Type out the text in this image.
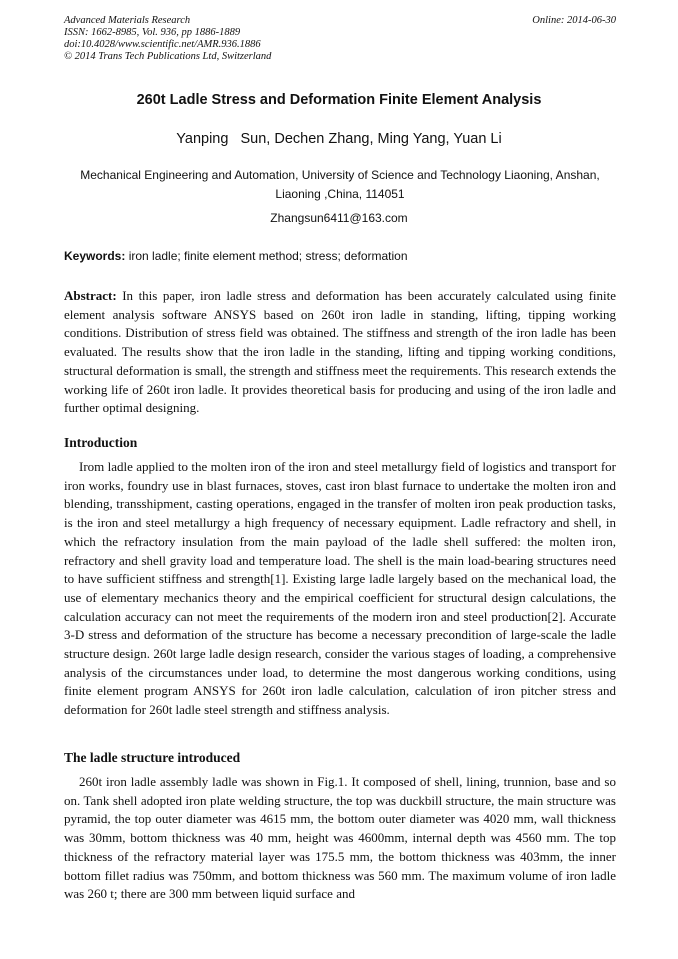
Advanced Materials Research
ISSN: 1662-8985, Vol. 936, pp 1886-1889
doi:10.4028/www.scientific.net/AMR.936.1886
© 2014 Trans Tech Publications Ltd, Switzerland
Online: 2014-06-30
260t Ladle Stress and Deformation Finite Element Analysis
Yanping   Sun, Dechen Zhang, Ming Yang, Yuan Li
Mechanical Engineering and Automation, University of Science and Technology Liaoning, Anshan, Liaoning ,China, 114051
Zhangsun6411@163.com
Keywords: iron ladle; finite element method; stress; deformation
Abstract: In this paper, iron ladle stress and deformation has been accurately calculated using finite element analysis software ANSYS based on 260t iron ladle in standing, lifting, tipping working conditions. Distribution of stress field was obtained. The stiffness and strength of the iron ladle has been evaluated. The results show that the iron ladle in the standing, lifting and tipping working conditions, structural deformation is small, the strength and stiffness meet the requirements. This research extends the working life of 260t iron ladle. It provides theoretical basis for producing and using of the iron ladle and further optimal designing.
Introduction
Irom ladle applied to the molten iron of the iron and steel metallurgy field of logistics and transport for iron works, foundry use in blast furnaces, stoves, cast iron blast furnace to undertake the molten iron and blending, transshipment, casting operations, engaged in the transfer of molten iron peak production tasks, is the iron and steel metallurgy a high frequency of necessary equipment. Ladle refractory and shell, in which the refractory insulation from the main payload of the ladle shell suffered: the molten iron, refractory and shell gravity load and temperature load. The shell is the main load-bearing structures need to have sufficient stiffness and strength[1]. Existing large ladle largely based on the mechanical load, the use of elementary mechanics theory and the empirical coefficient for structural design calculations, the calculation accuracy can not meet the requirements of the modern iron and steel production[2]. Accurate 3-D stress and deformation of the structure has become a necessary precondition of large-scale the ladle structure design. 260t large ladle design research, consider the various stages of loading, a comprehensive analysis of the circumstances under load, to determine the most dangerous working conditions, using finite element program ANSYS for 260t iron ladle calculation, calculation of iron pitcher stress and deformation for 260t ladle steel strength and stiffness analysis.
The ladle structure introduced
260t iron ladle assembly ladle was shown in Fig.1. It composed of shell, lining, trunnion, base and so on. Tank shell adopted iron plate welding structure, the top was duckbill structure, the main structure was pyramid, the top outer diameter was 4615 mm, the bottom outer diameter was 4020 mm, wall thickness was 30mm, bottom thickness was 40 mm, height was 4600mm, internal depth was 4560 mm. The top thickness of the refractory material layer was 175.5 mm, the bottom thickness was 403mm, the inner bottom fillet radius was 750mm, and bottom thickness was 560 mm. The maximum volume of iron ladle was 260 t; there are 300 mm between liquid surface and
